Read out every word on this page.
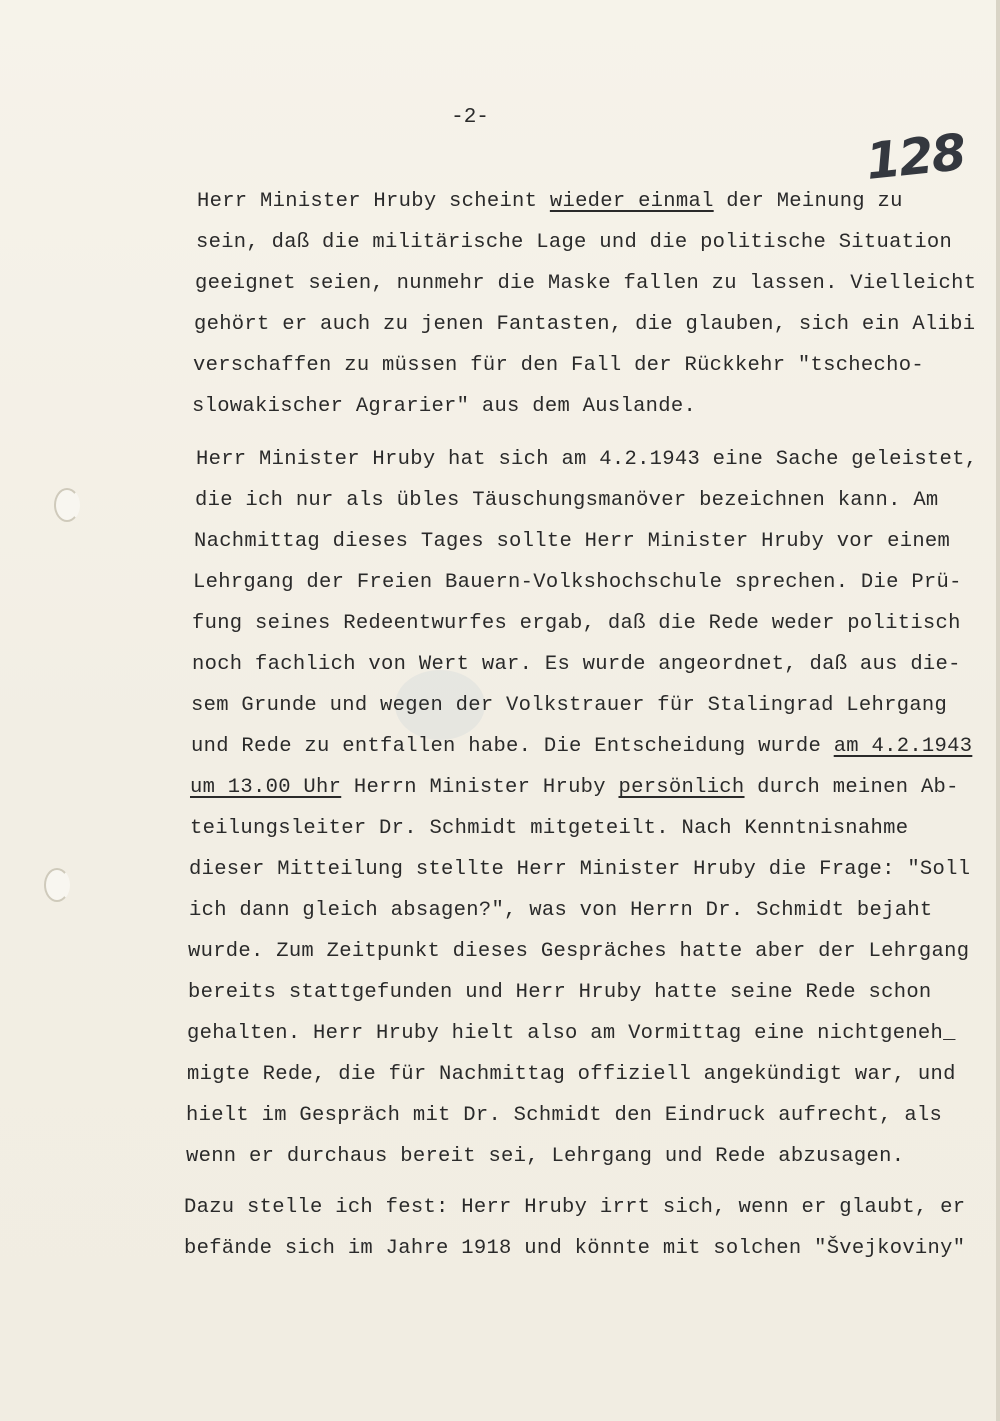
-2-
128
Herr Minister Hruby scheint wieder einmal der Meinung zu
sein, daß die militärische Lage und die politische Situation
geeignet seien, nunmehr die Maske fallen zu lassen. Vielleicht
gehört er auch zu jenen Fantasten, die glauben, sich ein Alibi
verschaffen zu müssen für den Fall der Rückkehr "tschecho-
slowakischer Agrarier" aus dem Auslande.
Herr Minister Hruby hat sich am 4.2.1943 eine Sache geleistet,
die ich nur als übles Täuschungsmanöver bezeichnen kann. Am
Nachmittag dieses Tages sollte Herr Minister Hruby vor einem
Lehrgang der Freien Bauern-Volkshochschule sprechen. Die Prü-
fung seines Redeentwurfes ergab, daß die Rede weder politisch
noch fachlich von Wert war. Es wurde angeordnet, daß aus die-
sem Grunde und wegen der Volkstrauer für Stalingrad Lehrgang
und Rede zu entfallen habe. Die Entscheidung wurde am 4.2.1943
um 13.00 Uhr Herrn Minister Hruby persönlich durch meinen Ab-
teilungsleiter Dr. Schmidt mitgeteilt. Nach Kenntnisnahme
dieser Mitteilung stellte Herr Minister Hruby die Frage: "Soll
ich dann gleich absagen?", was von Herrn Dr. Schmidt bejaht
wurde. Zum Zeitpunkt dieses Gespräches hatte aber der Lehrgang
bereits stattgefunden und Herr Hruby hatte seine Rede schon
gehalten. Herr Hruby hielt also am Vormittag eine nichtgeneh_
migte Rede, die für Nachmittag offiziell angekündigt war, und
hielt im Gespräch mit Dr. Schmidt den Eindruck aufrecht, als
wenn er durchaus bereit sei, Lehrgang und Rede abzusagen.
Dazu stelle ich fest: Herr Hruby irrt sich, wenn er glaubt, er
befände sich im Jahre 1918 und könnte mit solchen "Švejkoviny"
